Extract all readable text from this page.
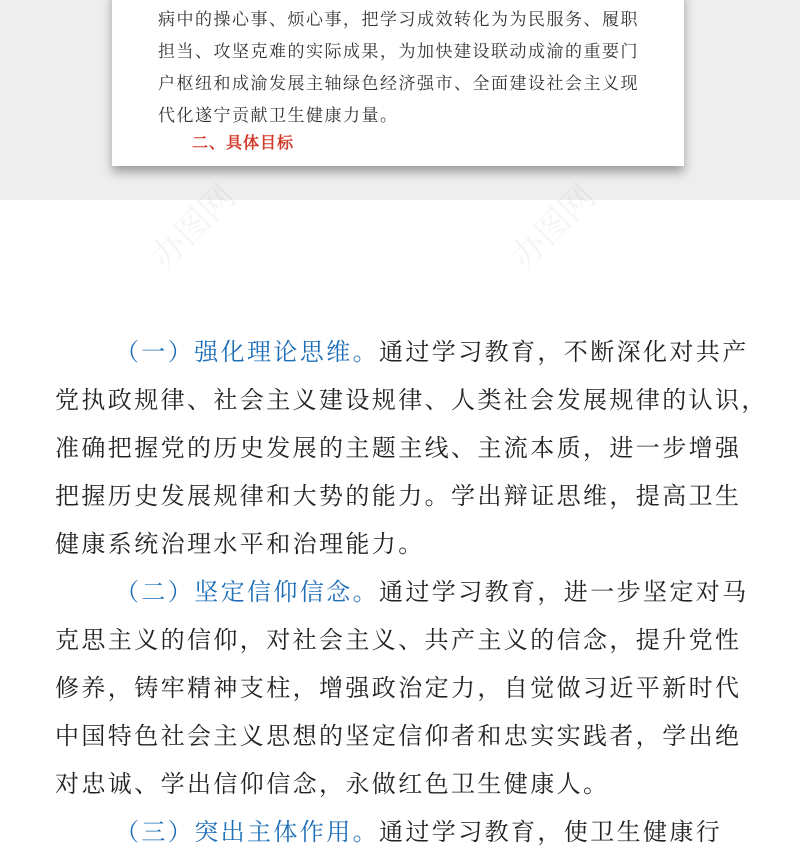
病中的操心事、烦心事，把学习成效转化为为民服务、履职
担当、攻坚克难的实际成果，为加快建设联动成渝的重要门
户枢纽和成渝发展主轴绿色经济强市、全面建设社会主义现
代化遂宁贡献卫生健康力量。
二、具体目标
（一）强化理论思维。通过学习教育，不断深化对共产
党执政规律、社会主义建设规律、人类社会发展规律的认识，
准确把握党的历史发展的主题主线、主流本质，进一步增强
把握历史发展规律和大势的能力。学出辩证思维，提高卫生
健康系统治理水平和治理能力。
（二）坚定信仰信念。通过学习教育，进一步坚定对马
克思主义的信仰，对社会主义、共产主义的信念，提升党性
修养，铸牢精神支柱，增强政治定力，自觉做习近平新时代
中国特色社会主义思想的坚定信仰者和忠实实践者，学出绝
对忠诚、学出信仰信念，永做红色卫生健康人。
（三）突出主体作用。通过学习教育，使卫生健康行
